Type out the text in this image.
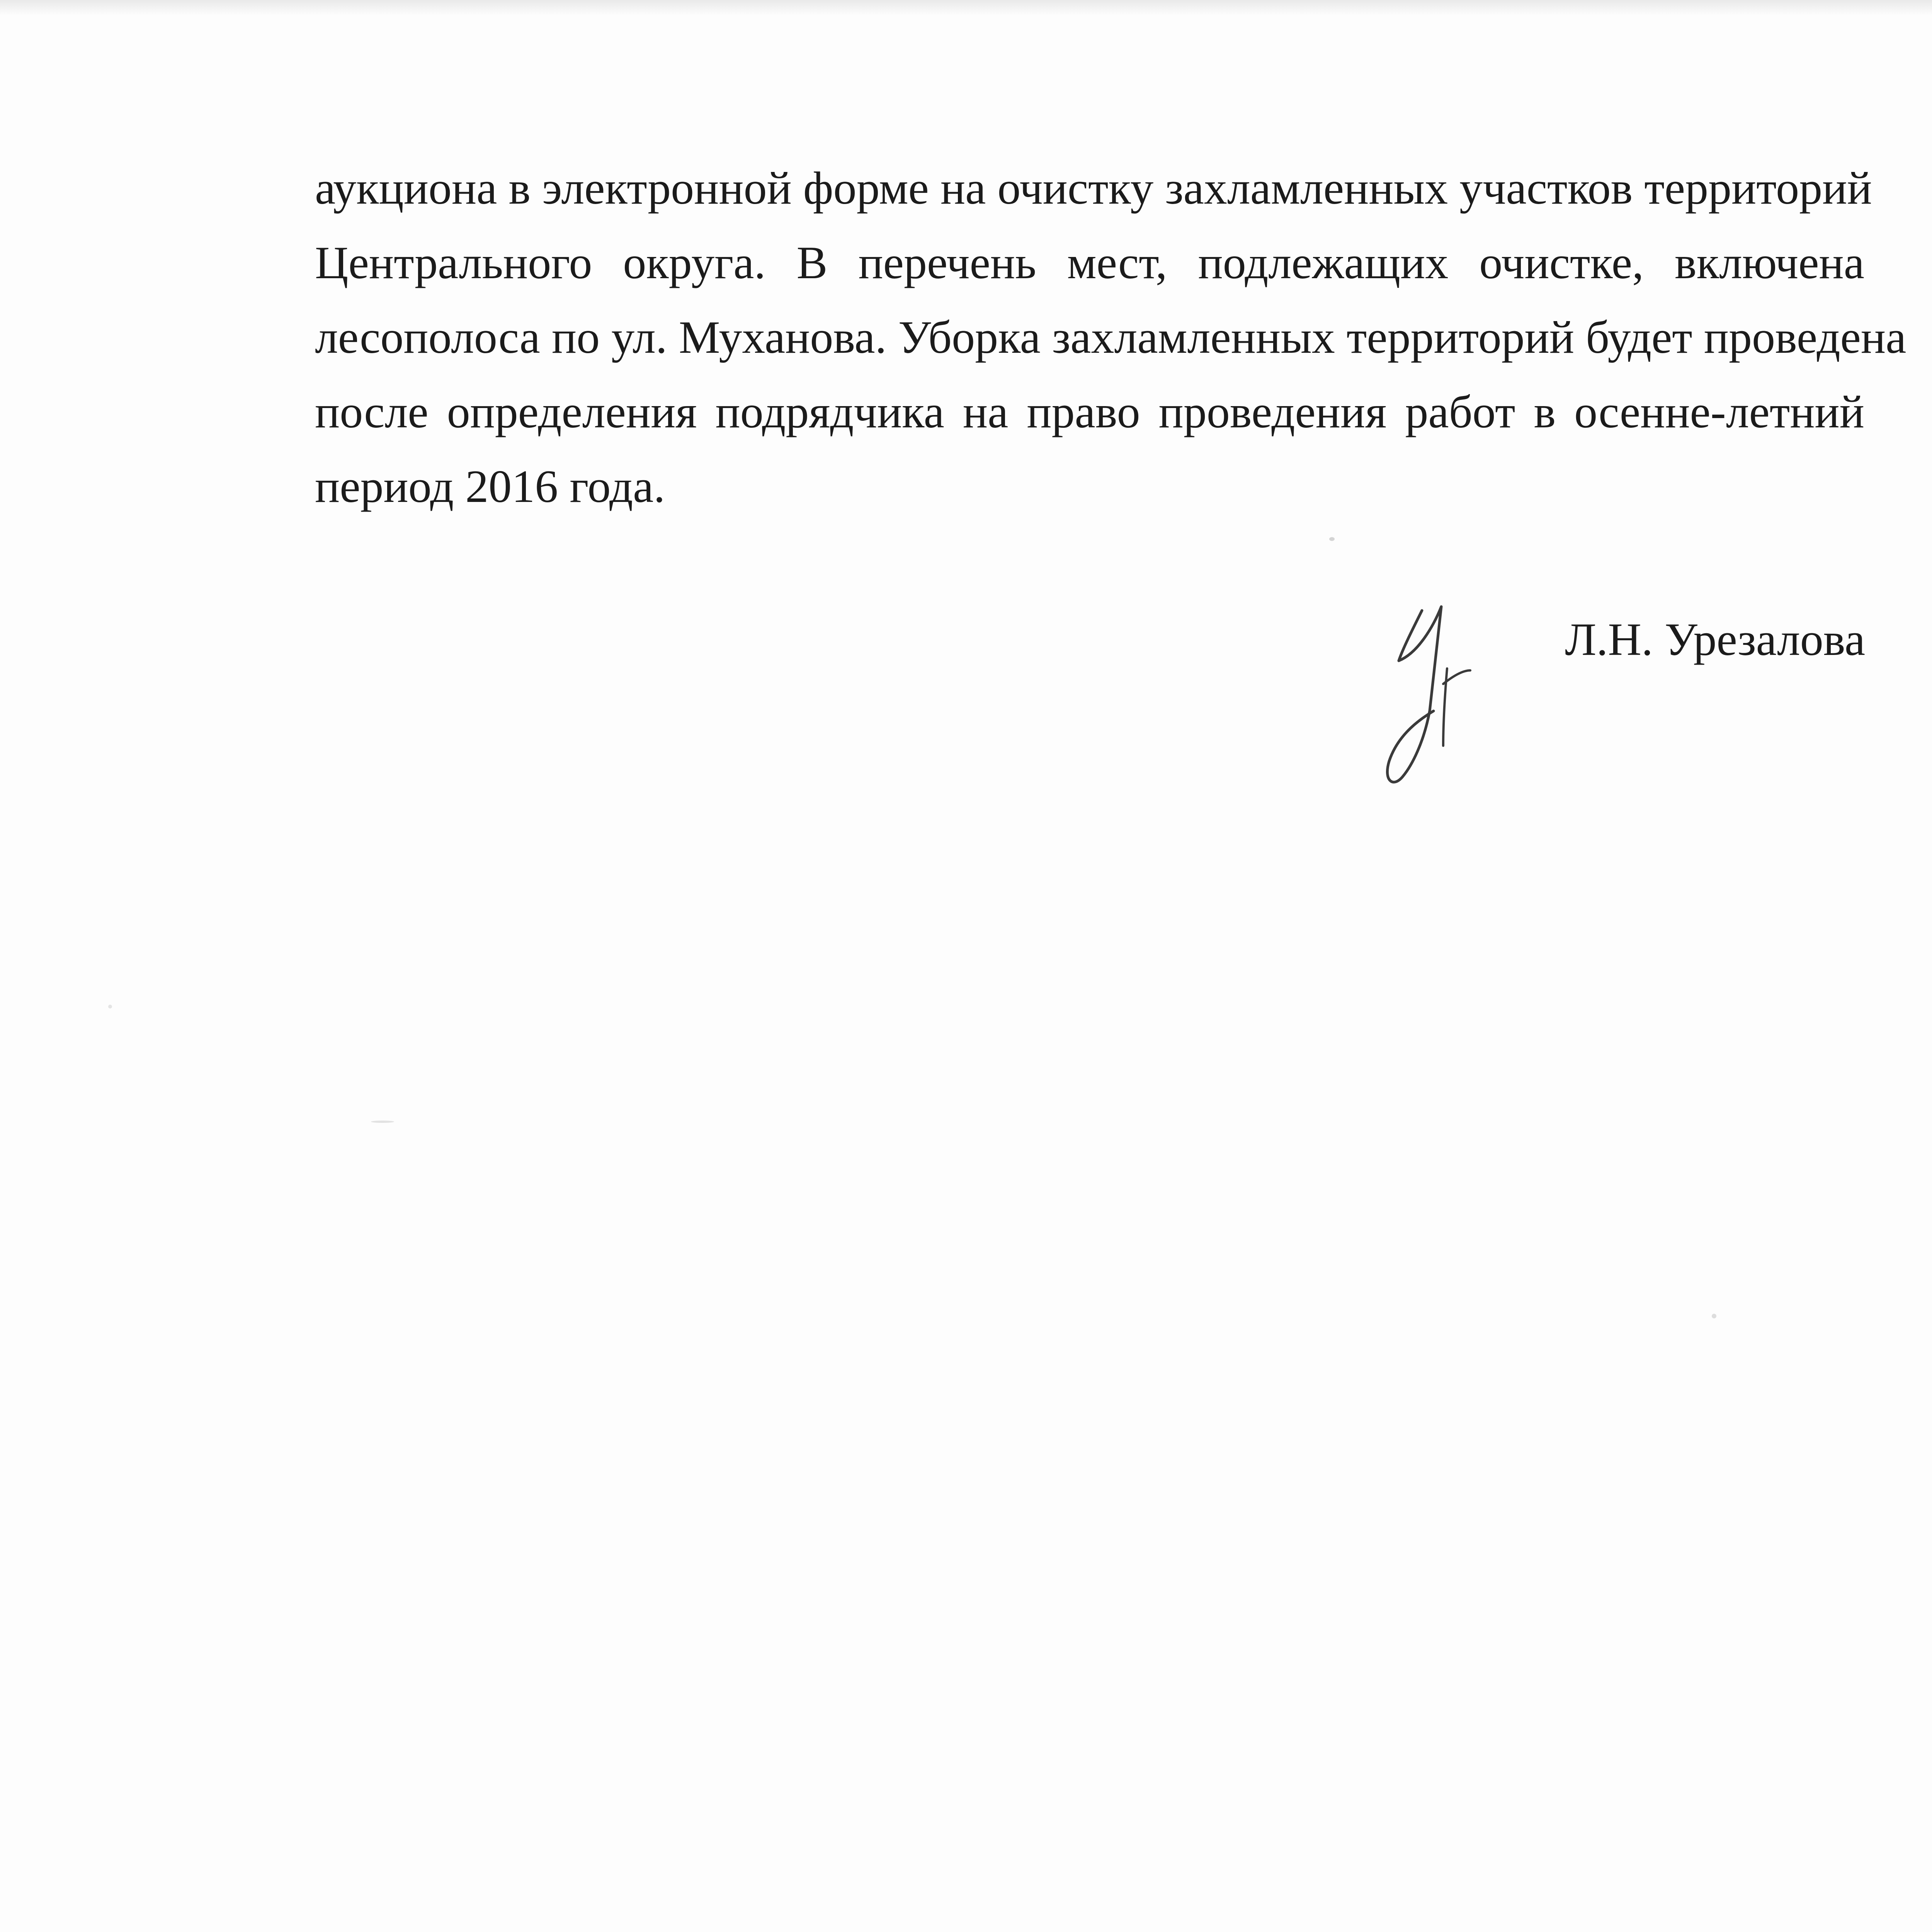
аукциона в электронной форме на очистку захламленных участков территорий
Центрального округа. В перечень мест, подлежащих очистке, включена
лесополоса по ул. Муханова. Уборка захламленных территорий будет проведена
после определения подрядчика на право проведения работ в осенне-летний
период 2016 года.
Л.Н. Урезалова
